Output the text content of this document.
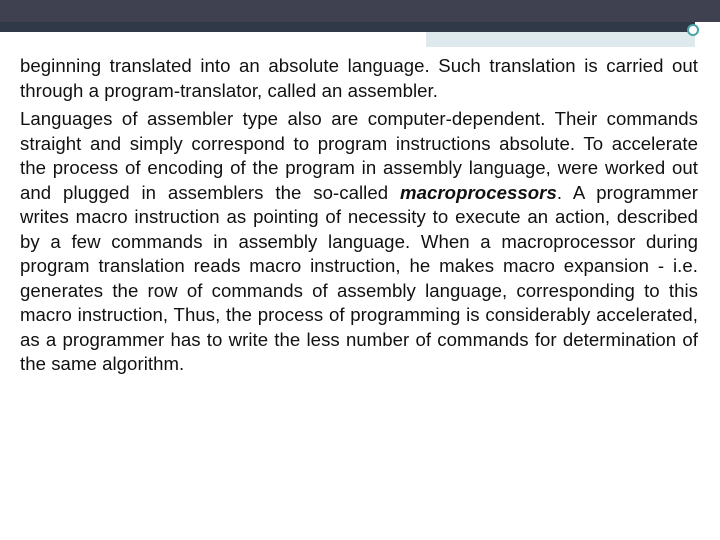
beginning translated into an absolute language. Such translation is carried out through a program-translator, called an assembler.

Languages of assembler type also are computer-dependent. Their commands straight and simply correspond to program instructions absolute. To accelerate the process of encoding of the program in assembly language, were worked out and plugged in assemblers the so-called macroprocessors. A programmer writes macro instruction as pointing of necessity to execute an action, described by a few commands in assembly language. When a macroprocessor during program translation reads macro instruction, he makes macro expansion - i.e. generates the row of commands of assembly language, corresponding to this macro instruction, Thus, the process of programming is considerably accelerated, as a programmer has to write the less number of commands for determination of the same algorithm.
